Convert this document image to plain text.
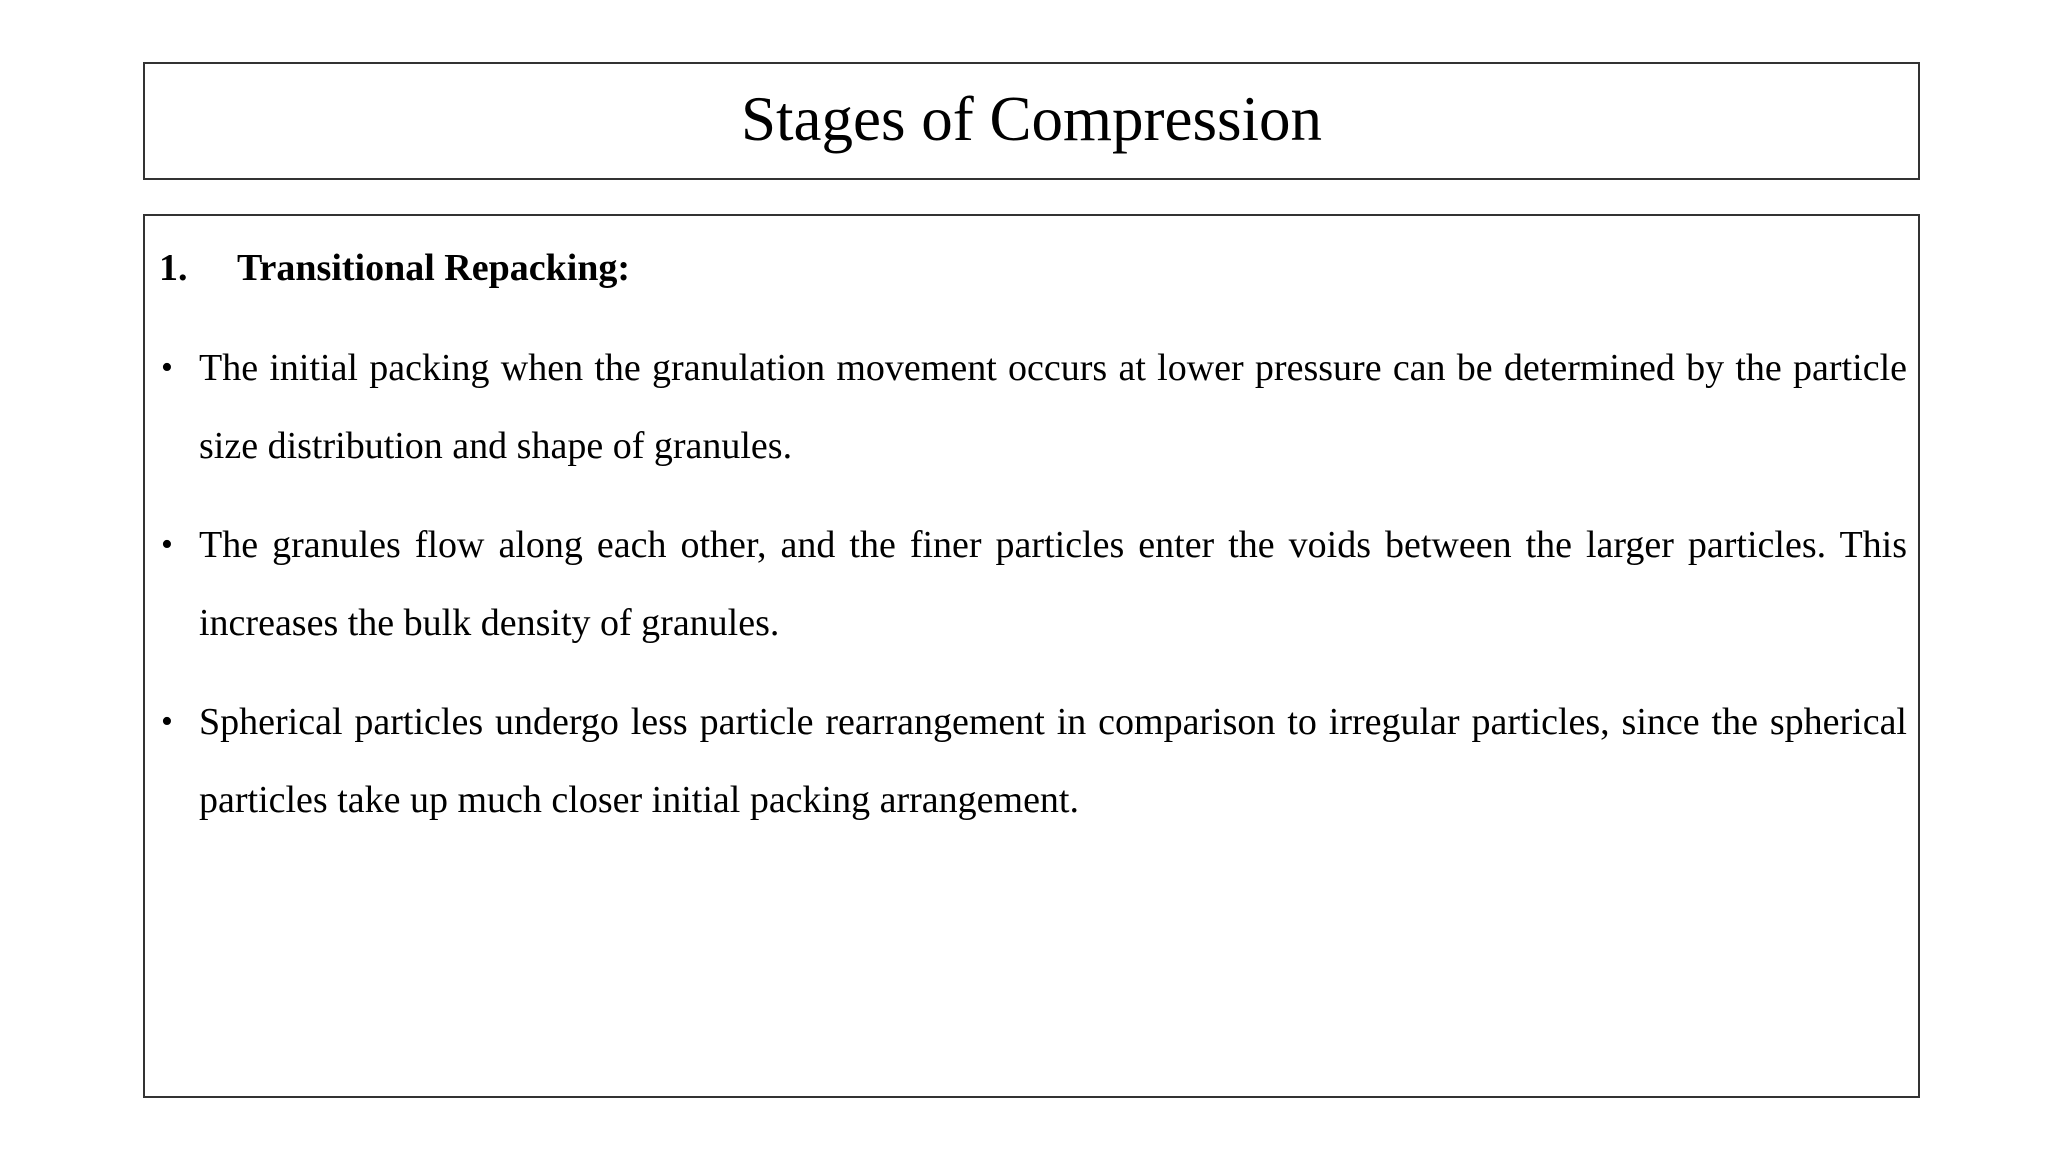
Stages of Compression
1.	Transitional Repacking:
• The initial packing when the granulation movement occurs at lower pressure can be determined by the particle size distribution and shape of granules.
• The granules flow along each other, and the finer particles enter the voids between the larger particles. This increases the bulk density of granules.
• Spherical particles undergo less particle rearrangement in comparison to irregular particles, since the spherical particles take up much closer initial packing arrangement.
